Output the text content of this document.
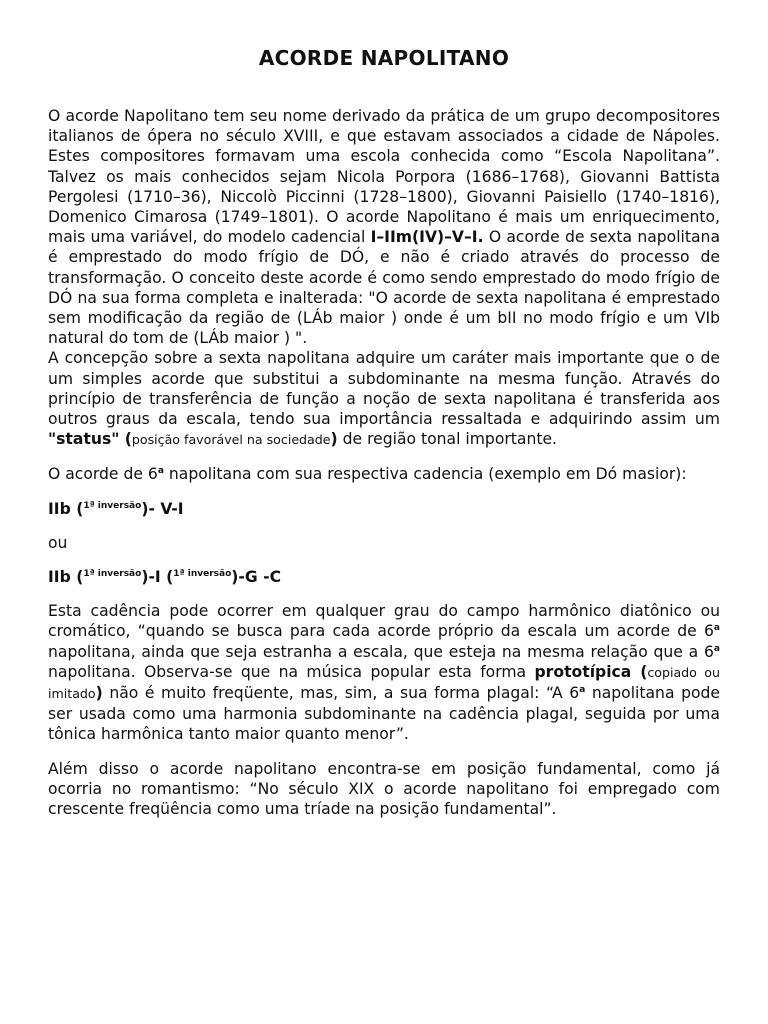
ACORDE NAPOLITANO

O acorde Napolitano tem seu nome derivado da prática de um grupo decompositores italianos de ópera no século XVIII, e que estavam associados a cidade de Nápoles. Estes compositores formavam uma escola conhecida como “Escola Napolitana”. Talvez os mais conhecidos sejam Nicola Porpora (1686–1768), Giovanni Battista Pergolesi (1710–36), Niccolò Piccinni (1728–1800), Giovanni Paisiello (1740–1816), Domenico Cimarosa (1749–1801). O acorde Napolitano é mais um enriquecimento, mais uma variável, do modelo cadencial I–IIm(IV)–V–I. O acorde de sexta napolitana é emprestado do modo frígio de DÓ, e não é criado através do processo de transformação. O conceito deste acorde é como sendo emprestado do modo frígio de DÓ na sua forma completa e inalterada: "O acorde de sexta napolitana é emprestado sem modificação da região de (LÁb maior ) onde é um bII no modo frígio e um VIb natural do tom de (LÁb maior ) ".

A concepção sobre a sexta napolitana adquire um caráter mais importante que o de um simples acorde que substitui a subdominante na mesma função. Através do princípio de transferência de função a noção de sexta napolitana é transferida aos outros graus da escala, tendo sua importância ressaltada e adquirindo assim um "status" (posição favorável na sociedade) de região tonal importante.

O acorde de 6$^a$ napolitana com sua respectiva cadencia (exemplo em Dó masior):

IIb ($^{1ª inversão}$)- V-I

ou

IIb ($^{1ª inversão}$)-I ($^{1ª inversão}$)-G -C

Esta cadência pode ocorrer em qualquer grau do campo harmônico diatônico ou cromático, “quando se busca para cada acorde próprio da escala um acorde de 6$^a$ napolitana, ainda que seja estranha a escala, que esteja na mesma relação que a 6$^a$ napolitana. Observa-se que na música popular esta forma prototípica (copiado ou imitado) não é muito freqüente, mas, sim, a sua forma plagal: “A 6$^a$ napolitana pode ser usada como uma harmonia subdominante na cadência plagal, seguida por uma tônica harmônica tanto maior quanto menor”.

Além disso o acorde napolitano encontra-se em posição fundamental, como já ocorria no romantismo: “No século XIX o acorde napolitano foi empregado com crescente freqüência como uma tríade na posição fundamental”.
